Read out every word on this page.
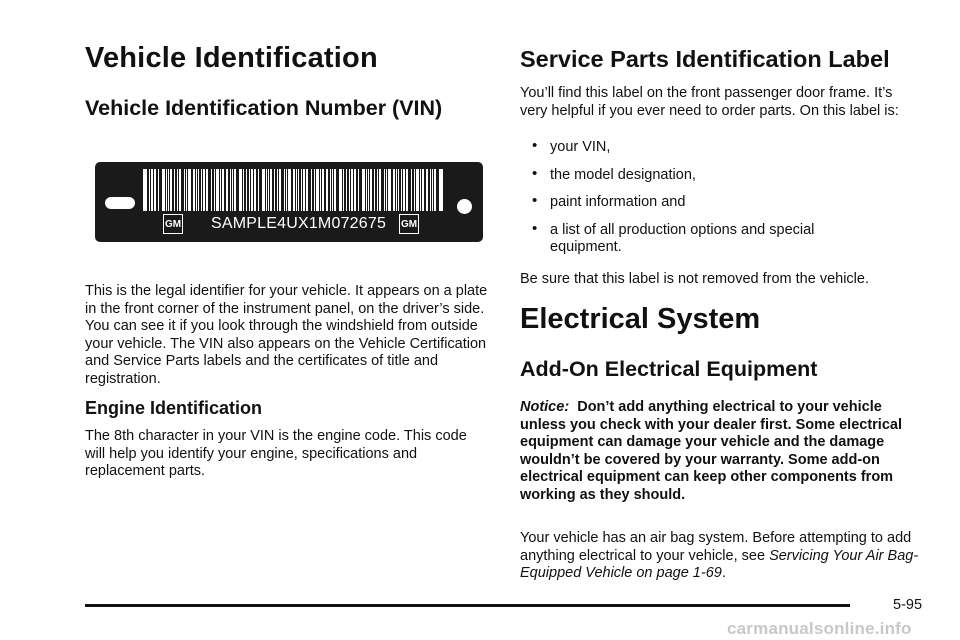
Vehicle Identification
Vehicle Identification Number (VIN)

This is the legal identifier for your vehicle. It appears on a plate in the front corner of the instrument panel, on the driver’s side. You can see it if you look through the windshield from outside your vehicle. The VIN also appears on the Vehicle Certification and Service Parts labels and the certificates of title and registration.

Engine Identification

The 8th character in your VIN is the engine code. This code will help you identify your engine, specifications and replacement parts.

GM SAMPLE4UX1M072675 GM
Service Parts Identification Label

You’ll find this label on the front passenger door frame. It’s very helpful if you ever need to order parts. On this label is:

• your VIN,
• the model designation,
• paint information and
• a list of all production options and special equipment.

Be sure that this label is not removed from the vehicle.

Electrical System
Add-On Electrical Equipment

Notice: Don’t add anything electrical to your vehicle unless you check with your dealer first. Some electrical equipment can damage your vehicle and the damage wouldn’t be covered by your warranty. Some add-on electrical equipment can keep other components from working as they should.

Your vehicle has an air bag system. Before attempting to add anything electrical to your vehicle, see Servicing Your Air Bag-Equipped Vehicle on page 1-69.

5-95
carmanualsonline.info
